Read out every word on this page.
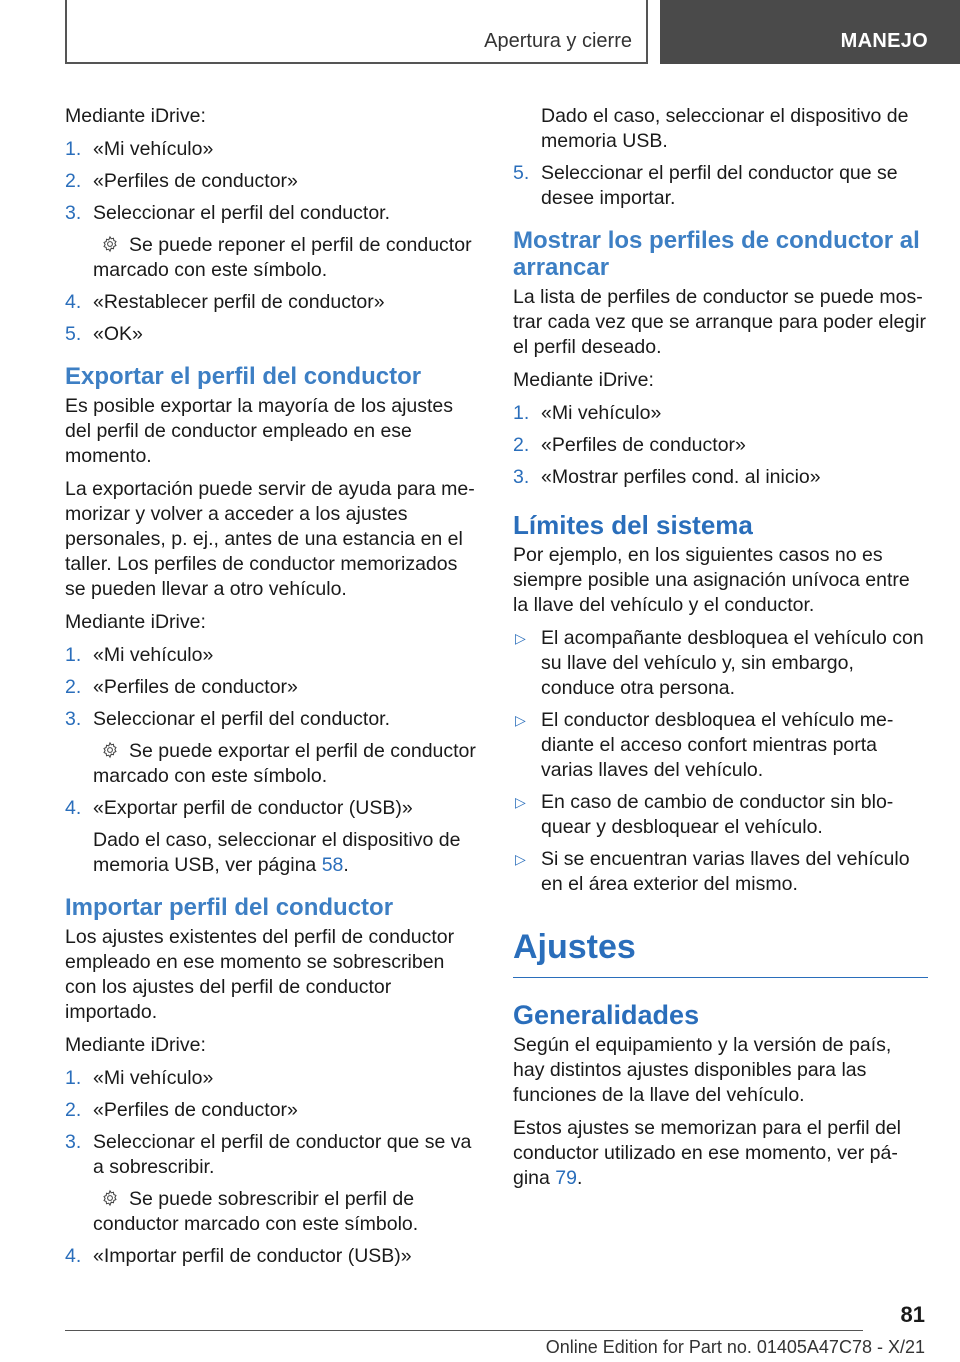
Apertura y cierre	MANEJO

Mediante iDrive:

1. «Mi vehículo»
2. «Perfiles de conductor»
3. Seleccionar el perfil del conductor.
Se puede reponer el perfil de conductor marcado con este símbolo.
4. «Restablecer perfil de conductor»
5. «OK»
Exportar el perfil del conductor

Es posible exportar la mayoría de los ajustes del perfil de conductor empleado en ese momento.

La exportación puede servir de ayuda para memorizar y volver a acceder a los ajustes personales, p. ej., antes de una estancia en el taller. Los perfiles de conductor memorizados se pueden llevar a otro vehículo.

Mediante iDrive:

1. «Mi vehículo»
2. «Perfiles de conductor»
3. Seleccionar el perfil del conductor.
Se puede exportar el perfil de conductor marcado con este símbolo.
4. «Exportar perfil de conductor (USB)»
Dado el caso, seleccionar el dispositivo de memoria USB, ver página 58.
Importar perfil del conductor

Los ajustes existentes del perfil de conductor empleado en ese momento se sobrescriben con los ajustes del perfil de conductor importado.

Mediante iDrive:

1. «Mi vehículo»
2. «Perfiles de conductor»
3. Seleccionar el perfil de conductor que se va a sobrescribir.
Se puede sobrescribir el perfil de conductor marcado con este símbolo.
4. «Importar perfil de conductor (USB)»
Dado el caso, seleccionar el dispositivo de memoria USB.
5. Seleccionar el perfil del conductor que se desee importar.
Mostrar los perfiles de conductor al arrancar

La lista de perfiles de conductor se puede mostrar cada vez que se arranque para poder elegir el perfil deseado.

Mediante iDrive:

1. «Mi vehículo»
2. «Perfiles de conductor»
3. «Mostrar perfiles cond. al inicio»
Límites del sistema

Por ejemplo, en los siguientes casos no es siempre posible una asignación unívoca entre la llave del vehículo y el conductor.

▷ El acompañante desbloquea el vehículo con su llave del vehículo y, sin embargo, conduce otra persona.
▷ El conductor desbloquea el vehículo mediante el acceso confort mientras porta varias llaves del vehículo.
▷ En caso de cambio de conductor sin bloquear y desbloquear el vehículo.
▷ Si se encuentran varias llaves del vehículo en el área exterior del mismo.
Ajustes
Generalidades

Según el equipamiento y la versión de país, hay distintos ajustes disponibles para las funciones de la llave del vehículo.

Estos ajustes se memorizan para el perfil del conductor utilizado en ese momento, ver página 79.

81
Online Edition for Part no. 01405A47C78 - X/21
